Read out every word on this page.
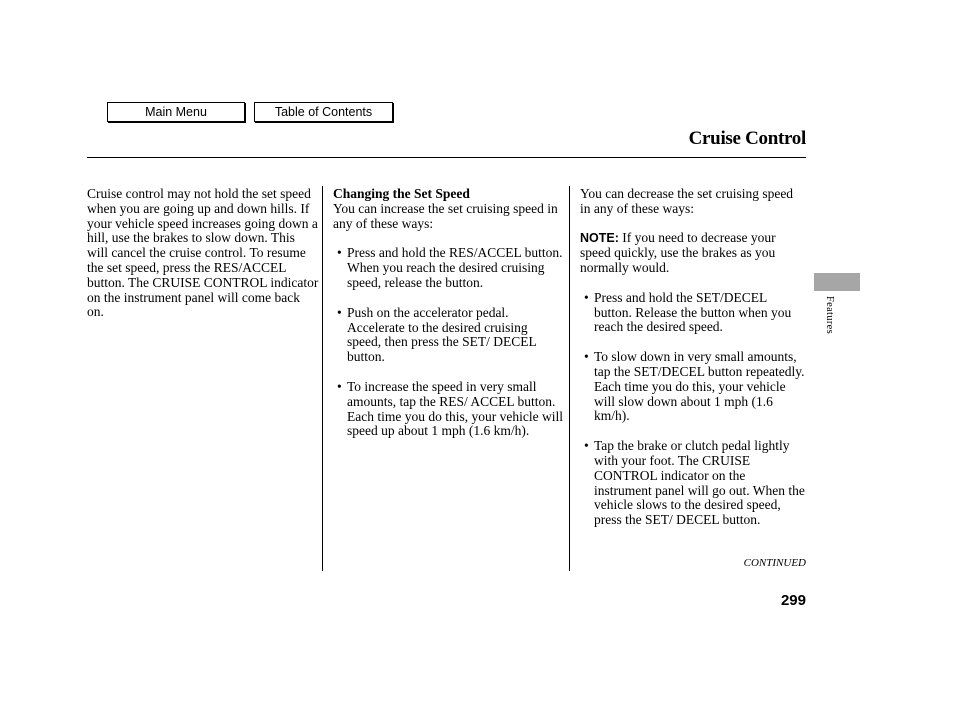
Main Menu	Table of Contents
Cruise Control

Cruise control may not hold the set speed when you are going up and down hills. If your vehicle speed increases going down a hill, use the brakes to slow down. This will cancel the cruise control. To resume the set speed, press the RES/ACCEL button. The CRUISE CONTROL indicator on the instrument panel will come back on.

Changing the Set Speed

You can increase the set cruising speed in any of these ways:

• Press and hold the RES/ACCEL button. When you reach the desired cruising speed, release the button.
• Push on the accelerator pedal. Accelerate to the desired cruising speed, then press the SET/ DECEL button.
• To increase the speed in very small amounts, tap the RES/ ACCEL button. Each time you do this, your vehicle will speed up about 1 mph (1.6 km/h).

You can decrease the set cruising speed in any of these ways:

NOTE: If you need to decrease your speed quickly, use the brakes as you normally would.

• Press and hold the SET/DECEL button. Release the button when you reach the desired speed.
• To slow down in very small amounts, tap the SET/DECEL button repeatedly. Each time you do this, your vehicle will slow down about 1 mph (1.6 km/h).
• Tap the brake or clutch pedal lightly with your foot. The CRUISE CONTROL indicator on the instrument panel will go out. When the vehicle slows to the desired speed, press the SET/ DECEL button.
Features
CONTINUED
299
